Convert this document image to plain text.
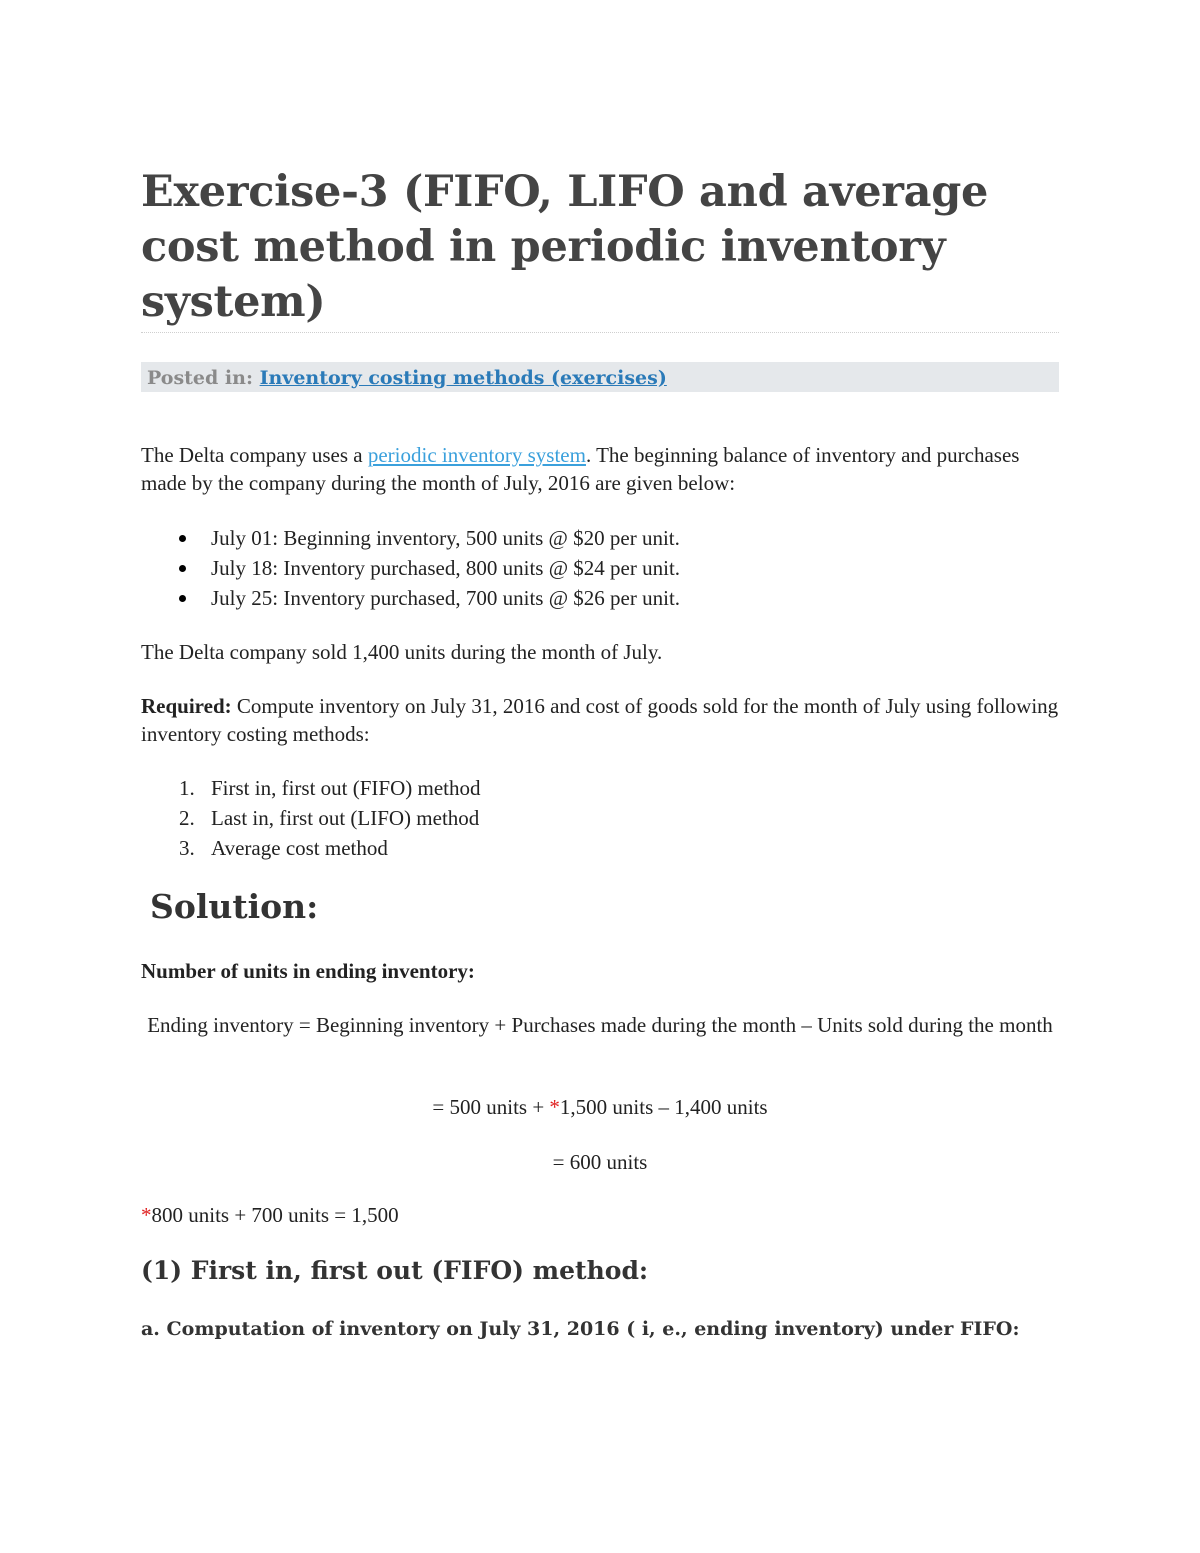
Exercise-3 (FIFO, LIFO and average cost method in periodic inventory system)
Posted in: Inventory costing methods (exercises)

The Delta company uses a periodic inventory system. The beginning balance of inventory and purchases made by the company during the month of July, 2016 are given below:

July 01: Beginning inventory, 500 units @ $20 per unit.
July 18: Inventory purchased, 800 units @ $24 per unit.
July 25: Inventory purchased, 700 units @ $26 per unit.

The Delta company sold 1,400 units during the month of July.

Required: Compute inventory on July 31, 2016 and cost of goods sold for the month of July using following inventory costing methods:

1. First in, first out (FIFO) method
2. Last in, first out (LIFO) method
3. Average cost method
Solution:

Number of units in ending inventory:

Ending inventory = Beginning inventory + Purchases made during the month – Units sold during the month

= 500 units + *1,500 units – 1,400 units

= 600 units

*800 units + 700 units = 1,500

(1) First in, first out (FIFO) method:
a. Computation of inventory on July 31, 2016 ( i, e., ending inventory) under FIFO:
